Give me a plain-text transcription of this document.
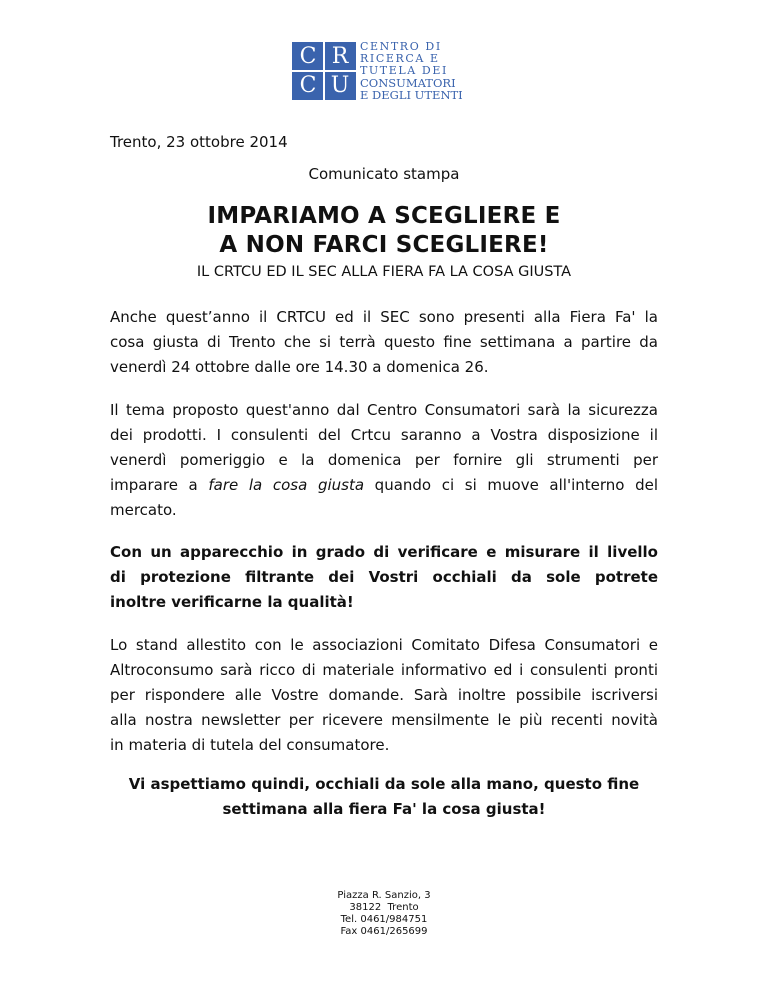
C R
C U
CENTRO DI
RICERCA E
TUTELA DEI
CONSUMATORI
E DEGLI UTENTI
Trento, 23 ottobre 2014
Comunicato stampa
IMPARIAMO A SCEGLIERE E
A NON FARCI SCEGLIERE!
IL CRTCU ED IL SEC ALLA FIERA FA LA COSA GIUSTA
Anche quest’anno il CRTCU ed il SEC sono presenti alla Fiera Fa' la
cosa giusta di Trento che si terrà questo fine settimana a partire da
venerdì 24 ottobre dalle ore 14.30 a domenica 26.
Il tema proposto quest'anno dal Centro Consumatori sarà la sicurezza
dei prodotti. I consulenti del Crtcu saranno a Vostra disposizione il
venerdì pomeriggio e la domenica per fornire gli strumenti per
imparare a fare la cosa giusta quando ci si muove all'interno del
mercato.
Con un apparecchio in grado di verificare e misurare il livello
di protezione filtrante dei Vostri occhiali da sole potrete
inoltre verificarne la qualità!
Lo stand allestito con le associazioni Comitato Difesa Consumatori e
Altroconsumo sarà ricco di materiale informativo ed i consulenti pronti
per rispondere alle Vostre domande. Sarà inoltre possibile iscriversi
alla nostra newsletter per ricevere mensilmente le più recenti novità
in materia di tutela del consumatore.
Vi aspettiamo quindi, occhiali da sole alla mano, questo fine
settimana alla fiera Fa' la cosa giusta!
Piazza R. Sanzio, 3
38122  Trento
Tel. 0461/984751
Fax 0461/265699
